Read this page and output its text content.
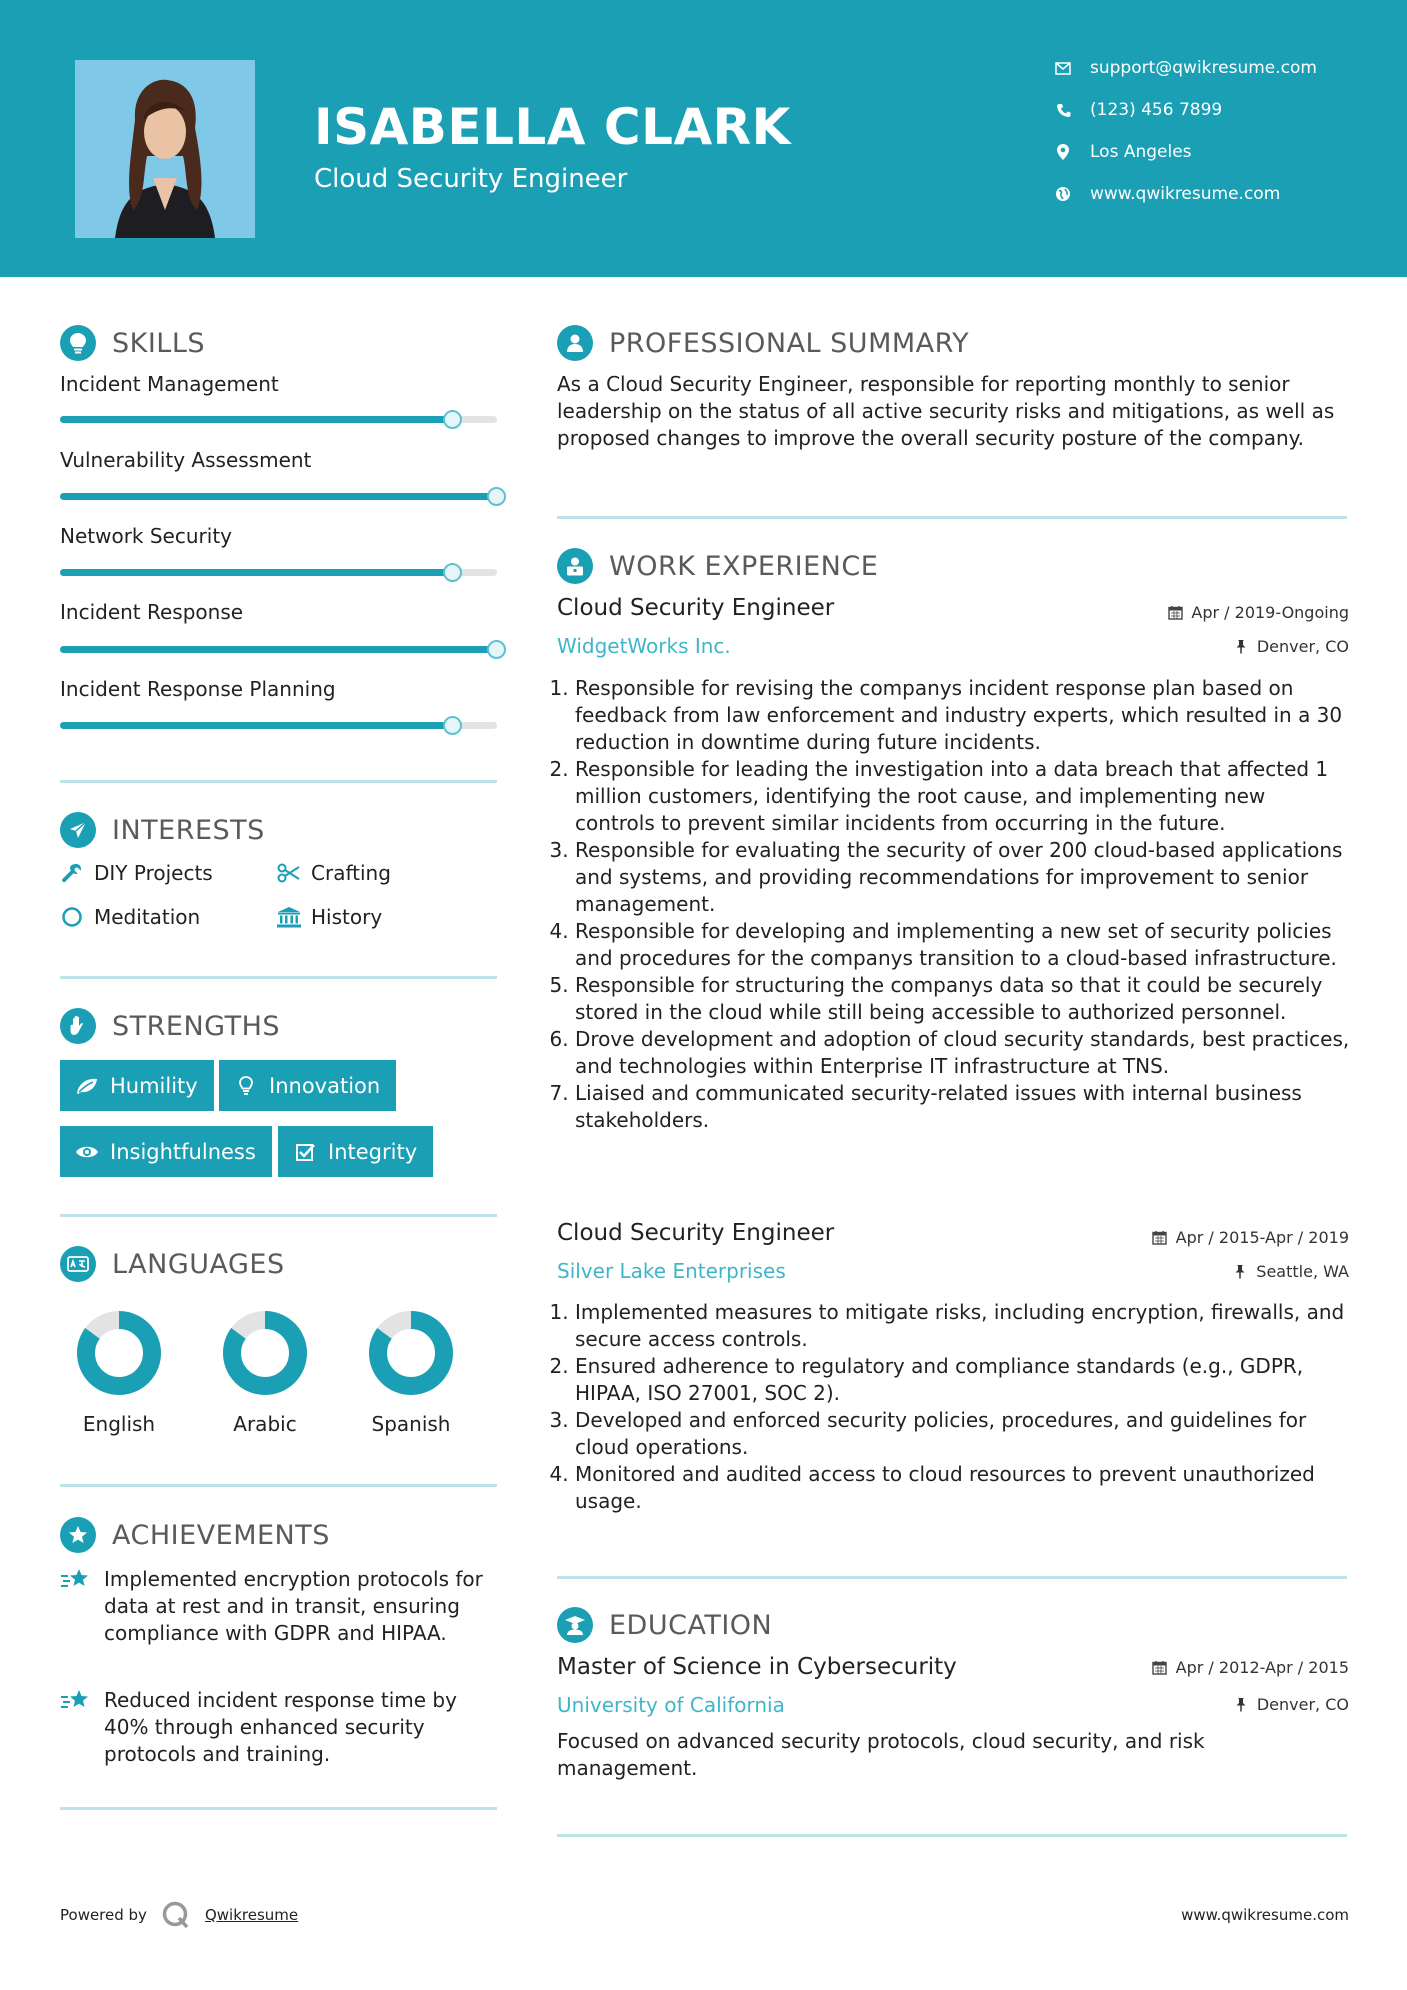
ISABELLA CLARK
Cloud Security Engineer
support@qwikresume.com
(123) 456 7899
Los Angeles
www.qwikresume.com
SKILLS
Incident Management
Vulnerability Assessment
Network Security
Incident Response
Incident Response Planning
INTERESTS
DIY Projects	Crafting
Meditation	History
STRENGTHS
Humility	Innovation
Insightfulness	Integrity
LANGUAGES
English	Arabic	Spanish
ACHIEVEMENTS
Implemented encryption protocols for data at rest and in transit, ensuring compliance with GDPR and HIPAA.
Reduced incident response time by 40% through enhanced security protocols and training.
PROFESSIONAL SUMMARY
As a Cloud Security Engineer, responsible for reporting monthly to senior leadership on the status of all active security risks and mitigations, as well as proposed changes to improve the overall security posture of the company.
WORK EXPERIENCE
Cloud Security Engineer	Apr / 2019-Ongoing
WidgetWorks Inc.	Denver, CO
1. Responsible for revising the companys incident response plan based on feedback from law enforcement and industry experts, which resulted in a 30 reduction in downtime during future incidents.
2. Responsible for leading the investigation into a data breach that affected 1 million customers, identifying the root cause, and implementing new controls to prevent similar incidents from occurring in the future.
3. Responsible for evaluating the security of over 200 cloud-based applications and systems, and providing recommendations for improvement to senior management.
4. Responsible for developing and implementing a new set of security policies and procedures for the companys transition to a cloud-based infrastructure.
5. Responsible for structuring the companys data so that it could be securely stored in the cloud while still being accessible to authorized personnel.
6. Drove development and adoption of cloud security standards, best practices, and technologies within Enterprise IT infrastructure at TNS.
7. Liaised and communicated security-related issues with internal business stakeholders.
Cloud Security Engineer	Apr / 2015-Apr / 2019
Silver Lake Enterprises	Seattle, WA
1. Implemented measures to mitigate risks, including encryption, firewalls, and secure access controls.
2. Ensured adherence to regulatory and compliance standards (e.g., GDPR, HIPAA, ISO 27001, SOC 2).
3. Developed and enforced security policies, procedures, and guidelines for cloud operations.
4. Monitored and audited access to cloud resources to prevent unauthorized usage.
EDUCATION
Master of Science in Cybersecurity	Apr / 2012-Apr / 2015
University of California	Denver, CO
Focused on advanced security protocols, cloud security, and risk management.
Powered by	Qwikresume	www.qwikresume.com
